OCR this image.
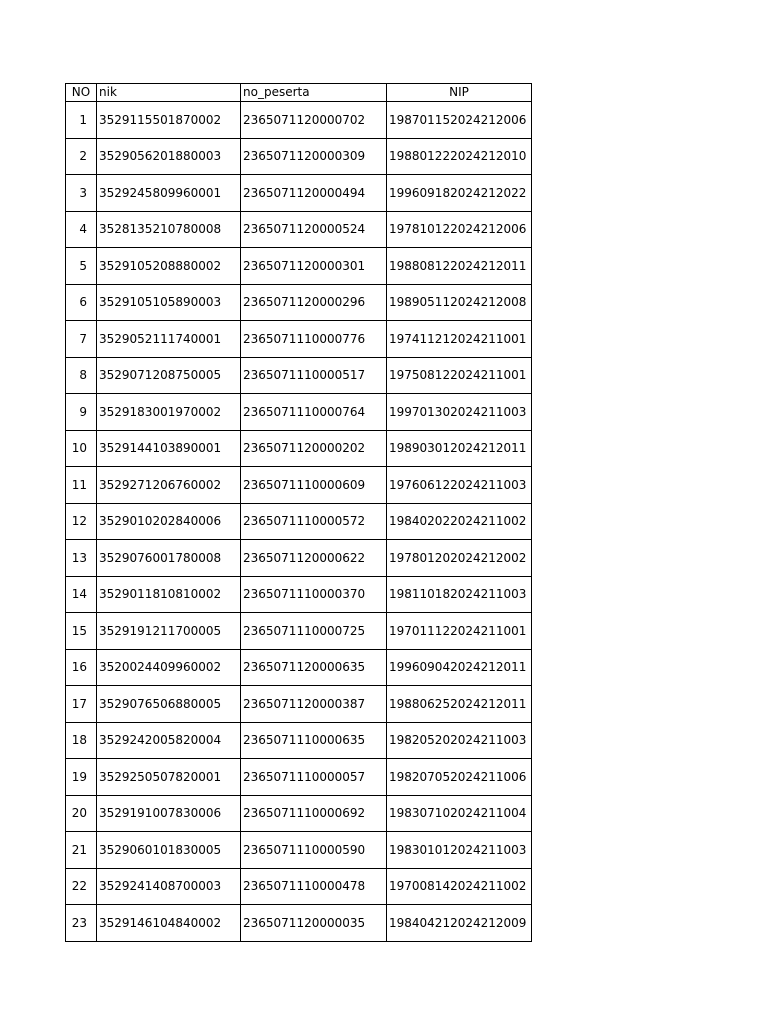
NO	nik	no_peserta	NIP
1	3529115501870002	2365071120000702	198701152024212006
2	3529056201880003	2365071120000309	198801222024212010
3	3529245809960001	2365071120000494	199609182024212022
4	3528135210780008	2365071120000524	197810122024212006
5	3529105208880002	2365071120000301	198808122024212011
6	3529105105890003	2365071120000296	198905112024212008
7	3529052111740001	2365071110000776	197411212024211001
8	3529071208750005	2365071110000517	197508122024211001
9	3529183001970002	2365071110000764	199701302024211003
10	3529144103890001	2365071120000202	198903012024212011
11	3529271206760002	2365071110000609	197606122024211003
12	3529010202840006	2365071110000572	198402022024211002
13	3529076001780008	2365071120000622	197801202024212002
14	3529011810810002	2365071110000370	198110182024211003
15	3529191211700005	2365071110000725	197011122024211001
16	3520024409960002	2365071120000635	199609042024212011
17	3529076506880005	2365071120000387	198806252024212011
18	3529242005820004	2365071110000635	198205202024211003
19	3529250507820001	2365071110000057	198207052024211006
20	3529191007830006	2365071110000692	198307102024211004
21	3529060101830005	2365071110000590	198301012024211003
22	3529241408700003	2365071110000478	197008142024211002
23	3529146104840002	2365071120000035	198404212024212009
